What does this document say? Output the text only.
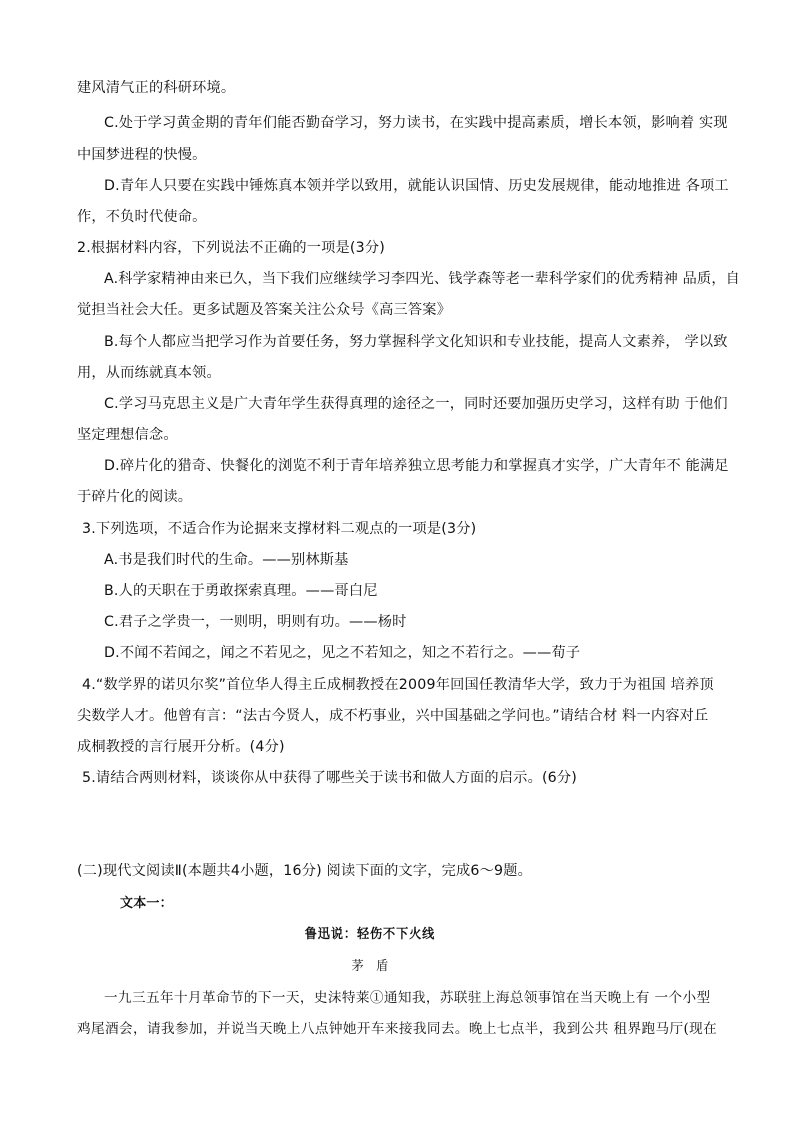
建风清气正的科研环境。
C.处于学习黄金期的青年们能否勤奋学习，努力读书，在实践中提高素质，增长本领，影响着 实现
中国梦进程的快慢。
D.青年人只要在实践中锤炼真本领并学以致用，就能认识国情、历史发展规律，能动地推进 各项工
作，不负时代使命。
2.根据材料内容，下列说法不正确的一项是(3分)
A.科学家精神由来已久，当下我们应继续学习李四光、钱学森等老一辈科学家们的优秀精神 品质，自
觉担当社会大任。更多试题及答案关注公众号《高三答案》
B.每个人都应当把学习作为首要任务，努力掌握科学文化知识和专业技能，提高人文素养， 学以致
用，从而练就真本领。
C.学习马克思主义是广大青年学生获得真理的途径之一，同时还要加强历史学习，这样有助 于他们
坚定理想信念。
D.碎片化的猎奇、快餐化的浏览不利于青年培养独立思考能力和掌握真才实学，广大青年不 能满足
于碎片化的阅读。
3.下列选项，不适合作为论据来支撑材料二观点的一项是(3分)
A.书是我们时代的生命。——别林斯基
B.人的天职在于勇敢探索真理。——哥白尼
C.君子之学贵一，一则明，明则有功。——杨时
D.不闻不若闻之，闻之不若见之，见之不若知之，知之不若行之。——荀子
4.“数学界的诺贝尔奖”首位华人得主丘成桐教授在2009年回国任教清华大学，致力于为祖国 培养顶
尖数学人才。他曾有言：“法古今贤人，成不朽事业，兴中国基础之学问也。”请结合材 料一内容对丘
成桐教授的言行展开分析。(4分)
5.请结合两则材料，谈谈你从中获得了哪些关于读书和做人方面的启示。(6分)
(二)现代文阅读Ⅱ(本题共4小题，16分) 阅读下面的文字，完成6～9题。
文本一：
鲁迅说：轻伤不下火线
茅　盾
一九三五年十月革命节的下一天，史沫特莱①通知我，苏联驻上海总领事馆在当天晚上有 一个小型
鸡尾酒会，请我参加，并说当天晚上八点钟她开车来接我同去。晚上七点半，我到公共 租界跑马厅(现在
